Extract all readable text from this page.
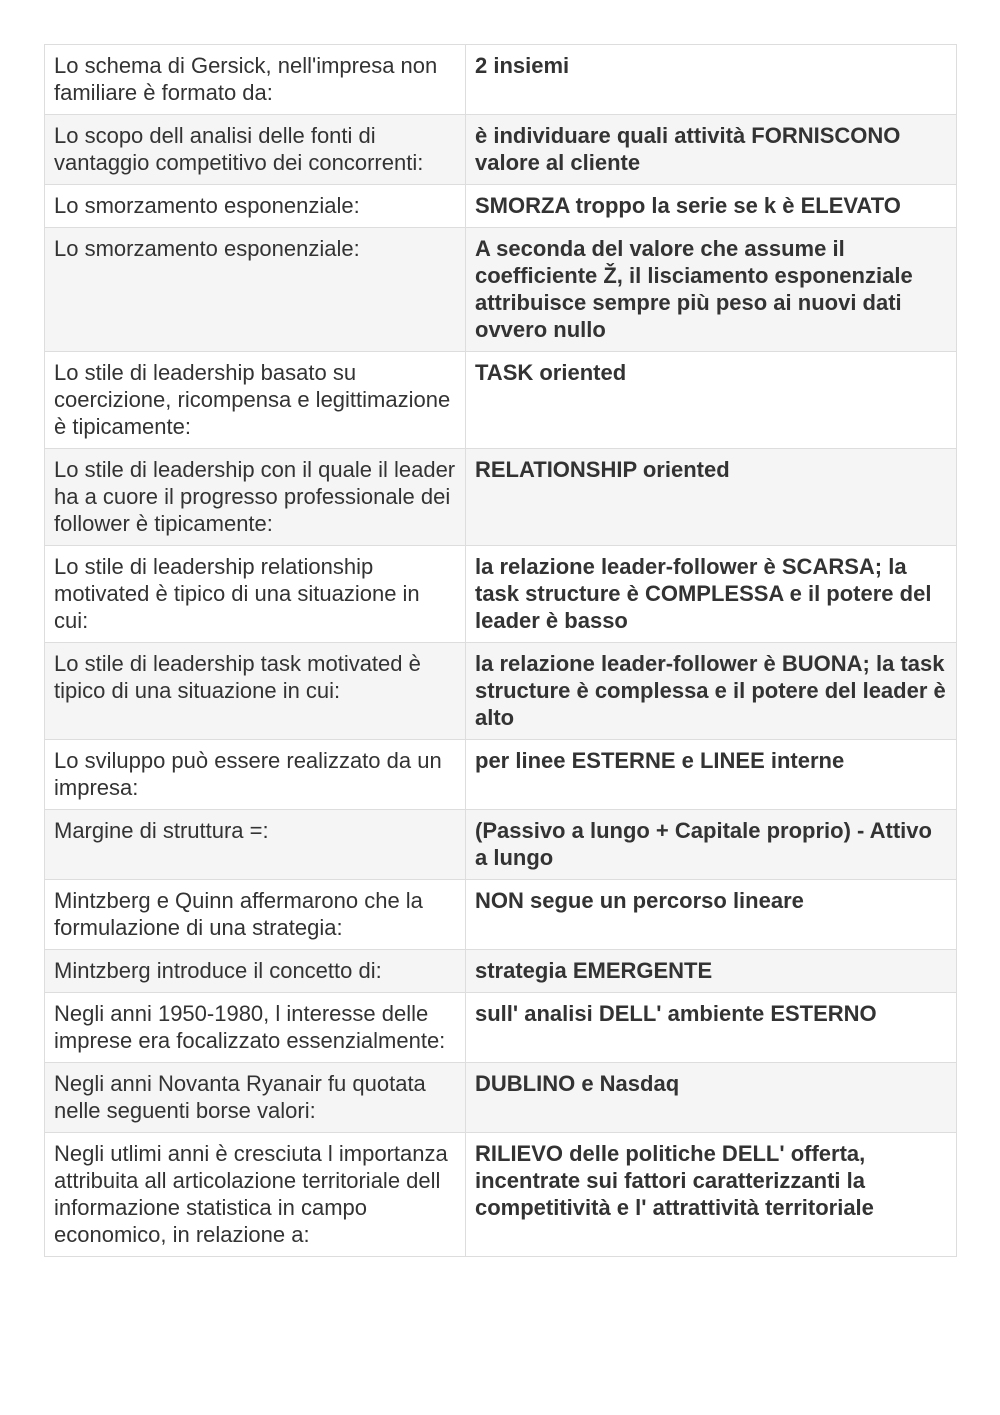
Lo schema di Gersick, nell'impresa non familiare è formato da:	2 insiemi
Lo scopo dell analisi delle fonti di vantaggio competitivo dei concorrenti:	è individuare quali attività FORNISCONO valore al cliente
Lo smorzamento esponenziale:	SMORZA troppo la serie se k è ELEVATO
Lo smorzamento esponenziale:	A seconda del valore che assume il coefficiente Ž, il lisciamento esponenziale attribuisce sempre più peso ai nuovi dati ovvero nullo
Lo stile di leadership basato su coercizione, ricompensa e legittimazione è tipicamente:	TASK oriented
Lo stile di leadership con il quale il leader ha a cuore il progresso professionale dei follower è tipicamente:	RELATIONSHIP oriented
Lo stile di leadership relationship motivated è tipico di una situazione in cui:	la relazione leader-follower è SCARSA; la task structure è COMPLESSA e il potere del leader è basso
Lo stile di leadership task motivated è tipico di una situazione in cui:	la relazione leader-follower è BUONA; la task structure è complessa e il potere del leader è alto
Lo sviluppo può essere realizzato da un impresa:	per linee ESTERNE e LINEE interne
Margine di struttura =:	(Passivo a lungo + Capitale proprio) - Attivo a lungo
Mintzberg e Quinn affermarono che la formulazione di una strategia:	NON segue un percorso lineare
Mintzberg introduce il concetto di:	strategia EMERGENTE
Negli anni 1950-1980, l interesse delle imprese era focalizzato essenzialmente:	sull' analisi DELL' ambiente ESTERNO
Negli anni Novanta Ryanair fu quotata nelle seguenti borse valori:	DUBLINO e Nasdaq
Negli utlimi anni è cresciuta l importanza attribuita all articolazione territoriale dell informazione statistica in campo economico, in relazione a:	RILIEVO delle politiche DELL' offerta, incentrate sui fattori caratterizzanti la competitività e l' attrattività territoriale
